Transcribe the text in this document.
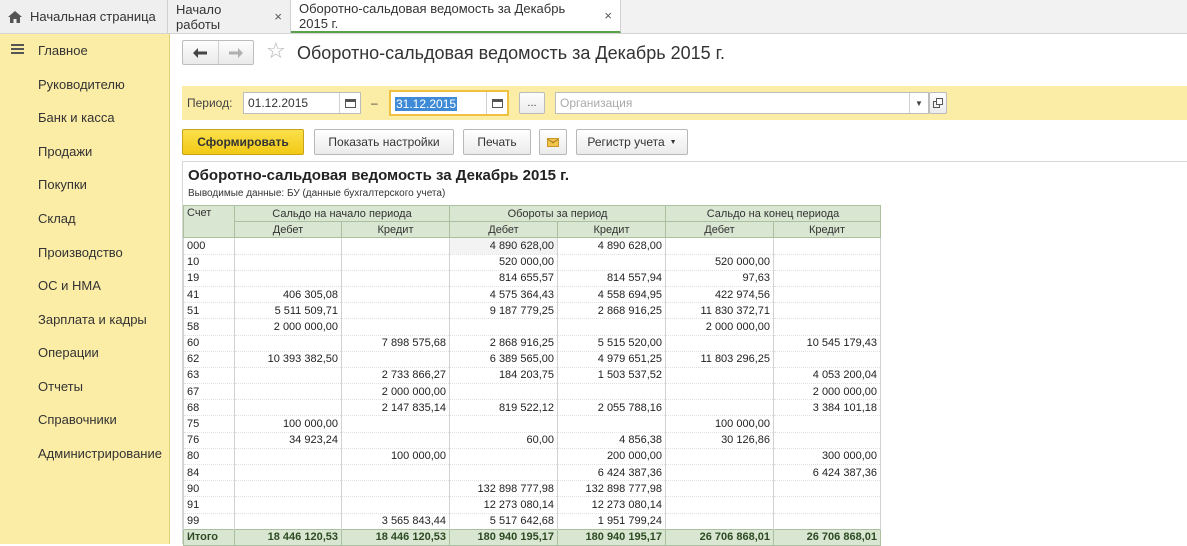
Начальная страница Начало работы	×
Оборотно-сальдовая ведомость за Декабрь 2015 г.	×
Главное
Руководителю
Банк и касса
Продажи
Покупки
Склад
Производство
ОС и НМА
Зарплата и кадры
Операции
Отчеты
Справочники
Администрирование
☆ Оборотно-сальдовая ведомость за Декабрь 2015 г.
Период:	01.12.2015	–	31.12.2015	...	Организация	▼
Сформировать	Показать настройки	Печать	Регистр учета ▼
Оборотно-сальдовая ведомость за Декабрь 2015 г.
Выводимые данные: БУ (данные бухгалтерского учета)
Счет	Сальдо на начало периода		Обороты за период		Сальдо на конец периода	
	Дебет	Кредит	Дебет	Кредит	Дебет	Кредит
000			4 890 628,00	4 890 628,00		
10			520 000,00		520 000,00	
19			814 655,57	814 557,94	97,63	
41	406 305,08		4 575 364,43	4 558 694,95	422 974,56	
51	5 511 509,71		9 187 779,25	2 868 916,25	11 830 372,71	
58	2 000 000,00				2 000 000,00	
60		7 898 575,68	2 868 916,25	5 515 520,00		10 545 179,43
62	10 393 382,50		6 389 565,00	4 979 651,25	11 803 296,25	
63		2 733 866,27	184 203,75	1 503 537,52		4 053 200,04
67		2 000 000,00				2 000 000,00
68		2 147 835,14	819 522,12	2 055 788,16		3 384 101,18
75	100 000,00				100 000,00	
76	34 923,24		60,00	4 856,38	30 126,86	
80		100 000,00		200 000,00		300 000,00
84				6 424 387,36		6 424 387,36
90			132 898 777,98	132 898 777,98		
91			12 273 080,14	12 273 080,14		
99		3 565 843,44	5 517 642,68	1 951 799,24		
Итого	18 446 120,53	18 446 120,53	180 940 195,17	180 940 195,17	26 706 868,01	26 706 868,01
